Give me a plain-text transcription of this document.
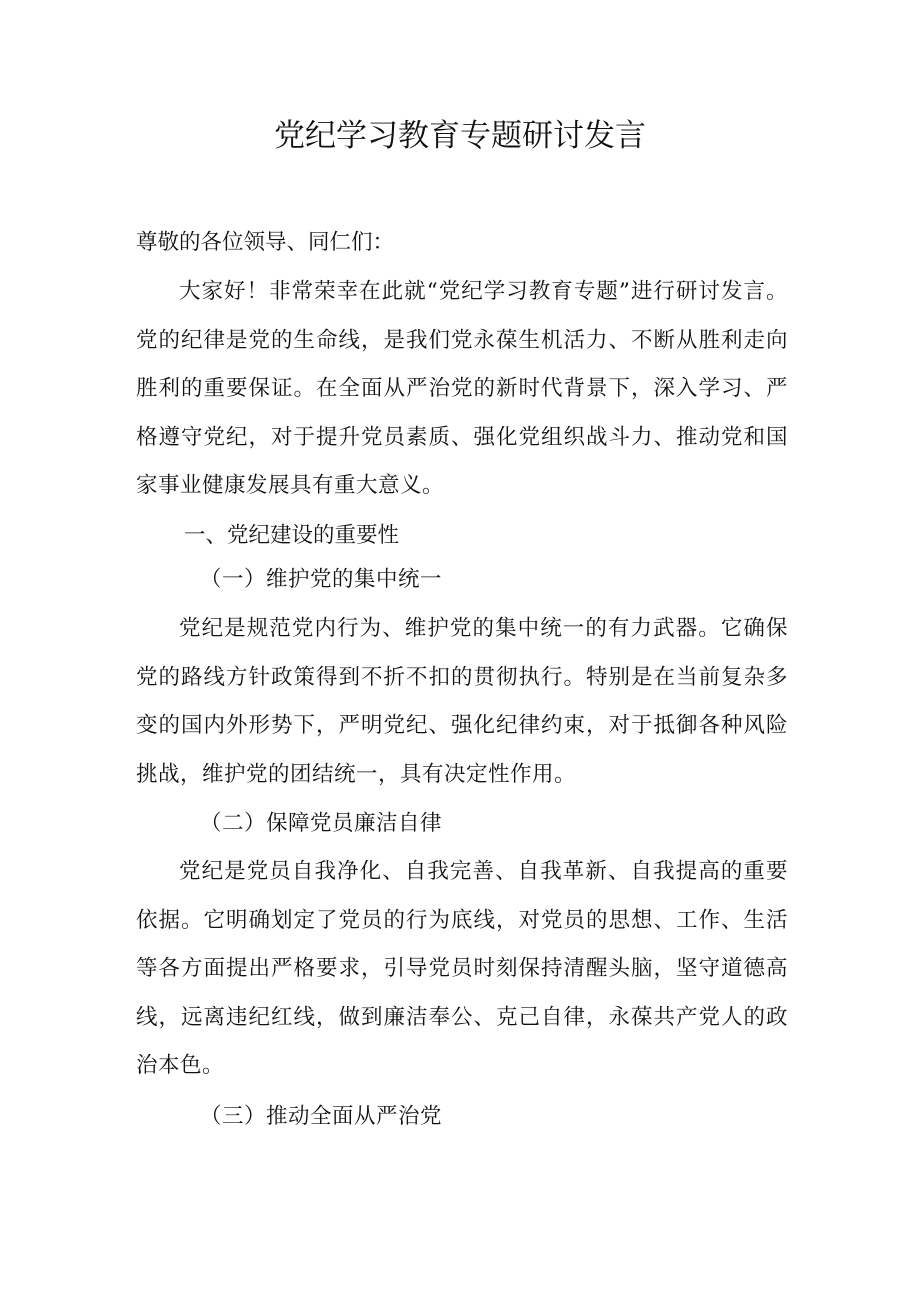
党纪学习教育专题研讨发言
尊敬的各位领导、同仁们：

大家好！非常荣幸在此就“党纪学习教育专题”进行研讨发言。党的纪律是党的生命线，是我们党永葆生机活力、不断从胜利走向胜利的重要保证。在全面从严治党的新时代背景下，深入学习、严格遵守党纪，对于提升党员素质、强化党组织战斗力、推动党和国家事业健康发展具有重大意义。

一、党纪建设的重要性
（一）维护党的集中统一

党纪是规范党内行为、维护党的集中统一的有力武器。它确保党的路线方针政策得到不折不扣的贯彻执行。特别是在当前复杂多变的国内外形势下，严明党纪、强化纪律约束，对于抵御各种风险挑战，维护党的团结统一，具有决定性作用。

（二）保障党员廉洁自律

党纪是党员自我净化、自我完善、自我革新、自我提高的重要依据。它明确划定了党员的行为底线，对党员的思想、工作、生活等各方面提出严格要求，引导党员时刻保持清醒头脑，坚守道德高线，远离违纪红线，做到廉洁奉公、克己自律，永葆共产党人的政治本色。

（三）推动全面从严治党
